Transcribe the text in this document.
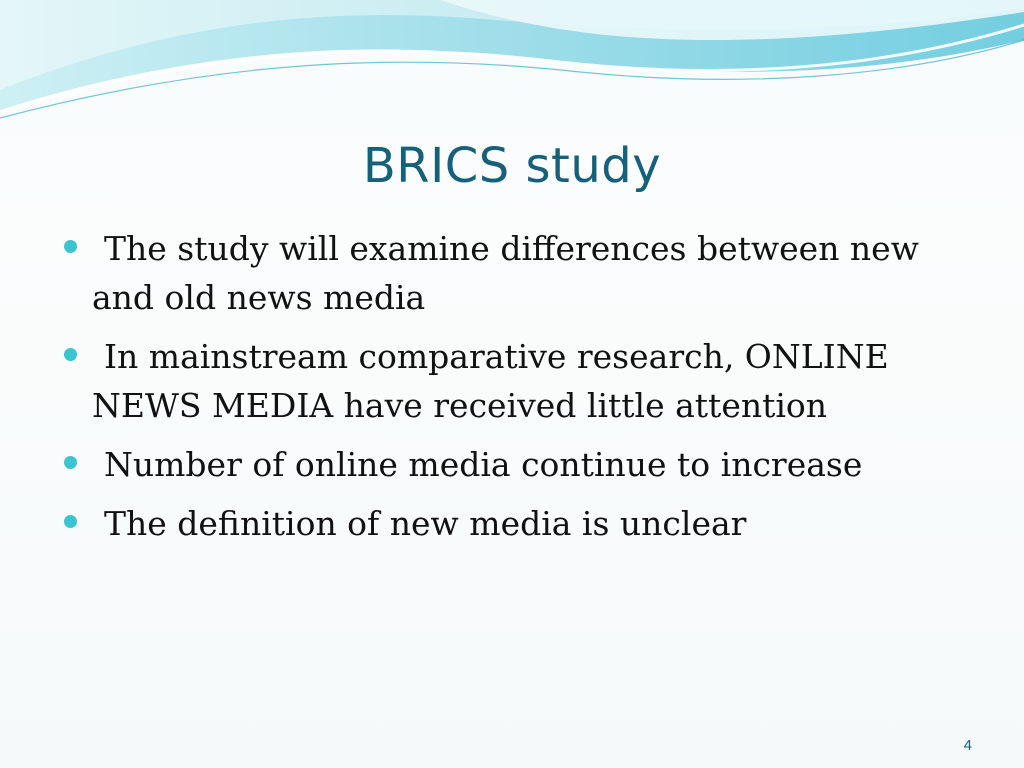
BRICS study
The study will examine differences between new and old news media
In mainstream comparative research, ONLINE NEWS MEDIA have received little attention
Number of online media continue to increase
The definition of new media is unclear
4
